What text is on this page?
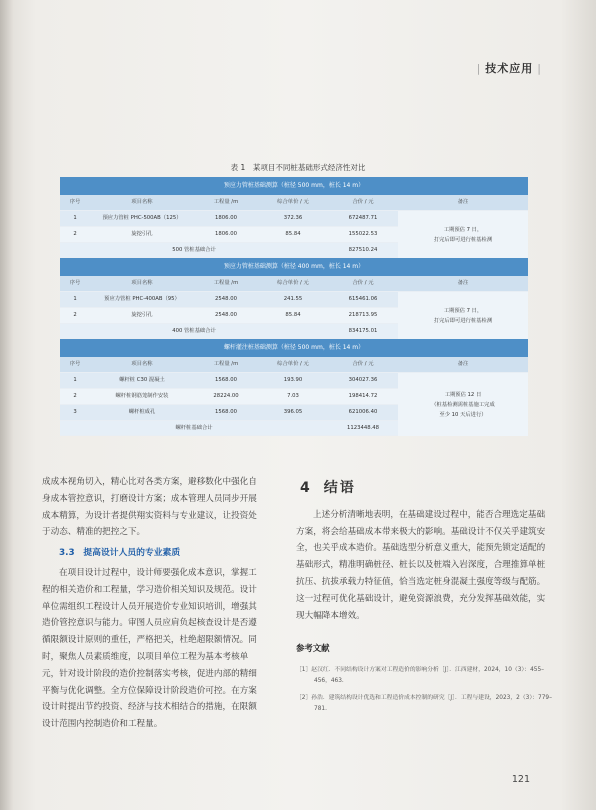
| 技术应用 |
表 1　某项目不同桩基础形式经济性对比
预应力管桩基础测算（桩径 500 mm，桩长 14 m）
序号	项目名称	工程量 /m	综合单价 / 元	合价 / 元	备注
1	预应力管桩 PHC-500AB（125）	1806.00	372.36	672487.71
2	旋挖引孔	1806.00	85.84	155022.53
500 管桩基础合计	827510.24
工期预估 7 日，
打完后即可进行桩基检测
预应力管桩基础测算（桩径 400 mm，桩长 14 m）
序号	项目名称	工程量 /m	综合单价 / 元	合价 / 元	备注
1	预应力管桩 PHC-400AB（95）	2548.00	241.55	615461.06
2	旋挖引孔	2548.00	85.84	218713.95
400 管桩基础合计	834175.01
工期预估 7 日，
打完后即可进行桩基检测
螺杆灌注桩基础测算（桩径 500 mm，桩长 14 m）
序号	项目名称	工程量 /m	综合单价 / 元	合价 / 元	备注
1	螺杆桩 C30 混凝土	1568.00	193.90	304027.36
2	螺杆桩钢筋笼制作安装	28224.00	7.03	198414.72
3	螺杆桩成孔	1568.00	396.05	621006.40
螺杆桩基础合计	1123448.48
工期预估 12 日
（桩基检测需桩基施工完成
至少 10 天后进行）

成成本视角切入，精心比对各类方案，避移数化中强化自身成本管控意识，打磨设计方案；成本管理人员同步开展成本精算，为设计者提供翔实资料与专业建议，让投资处于动态、精准的把控之下。

3.3　提高设计人员的专业素质

在项目设计过程中，设计师要强化成本意识，掌握工程的相关造价和工程量，学习造价相关知识及规范。设计单位需组织工程设计人员开展造价专业知识培训，增强其造价管控意识与能力。审图人员应肩负起核查设计是否遵循限额设计原则的重任，严格把关，杜绝超限额情况。同时，聚焦人员素质维度，以项目单位工程为基本考核单元，针对设计阶段的造价控制落实考核，促进内部的精细平衡与优化调整。全方位保障设计阶段造价可控。在方案设计时提出节约投资、经济与技术相结合的措施，在限额设计范围内控制造价和工程量。

4 结语

上述分析清晰地表明，在基础建设过程中，能否合理选定基础方案，将会给基础成本带来极大的影响。基础设计不仅关乎建筑安全，也关乎成本造价。基础选型分析意义重大，能预先锁定适配的基础形式，精准明确桩径、桩长以及桩端入岩深度，合理推算单桩抗压、抗拔承载力特征值，恰当选定桩身混凝土强度等级与配筋。这一过程可优化基础设计，避免资源浪费，充分发挥基础效能，实现大幅降本增效。

参考文献
［1］赵汉红．不同结构设计方案对工程造价的影响分析［J］．江西建材，2024，10（3）：455–456，463.
［2］孙浩．建筑结构设计优选和工程造价成本控制的研究［J］．工程与建设，2023，2（3）：779–781.
121
